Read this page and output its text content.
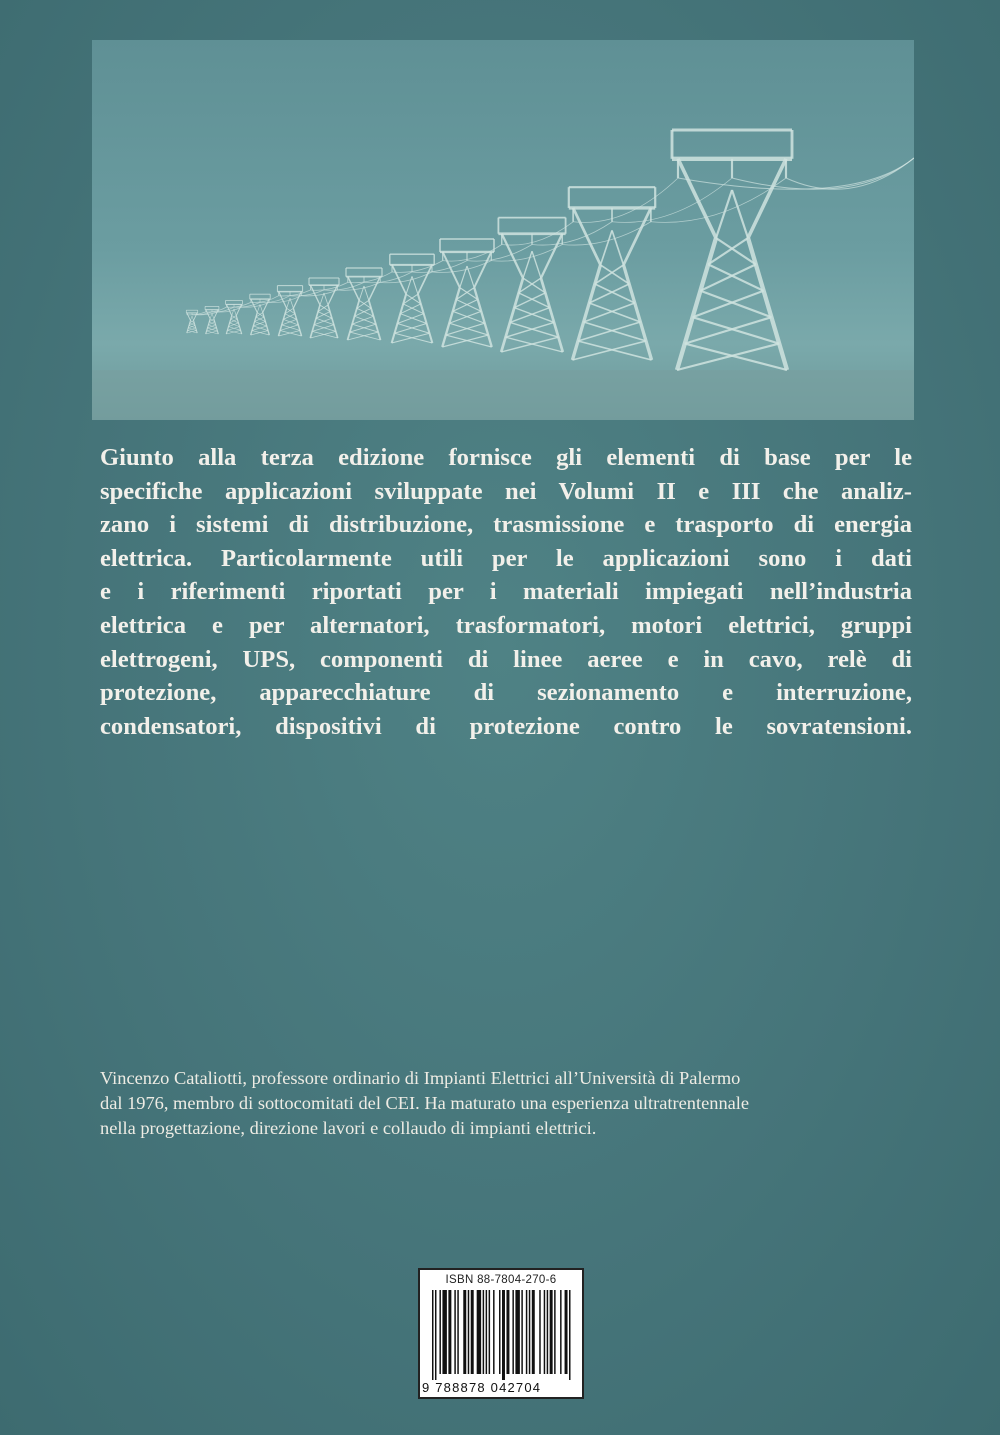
Giunto alla terza edizione fornisce gli elementi di base per le
specifiche applicazioni sviluppate nei Volumi II e III che analiz-
zano i sistemi di distribuzione, trasmissione e trasporto di energia
elettrica. Particolarmente utili per le applicazioni sono i dati
e i riferimenti riportati per i materiali impiegati nell’industria
elettrica e per alternatori, trasformatori, motori elettrici, gruppi
elettrogeni, UPS, componenti di linee aeree e in cavo, relè di
protezione, apparecchiature di sezionamento e interruzione,
condensatori, dispositivi di protezione contro le sovratensioni.

Vincenzo Cataliotti, professore ordinario di Impianti Elettrici all’Università di Palermo
dal 1976, membro di sottocomitati del CEI. Ha maturato una esperienza ultratrentennale
nella progettazione, direzione lavori e collaudo di impianti elettrici.

ISBN 88-7804-270-6
9 788878 042704
